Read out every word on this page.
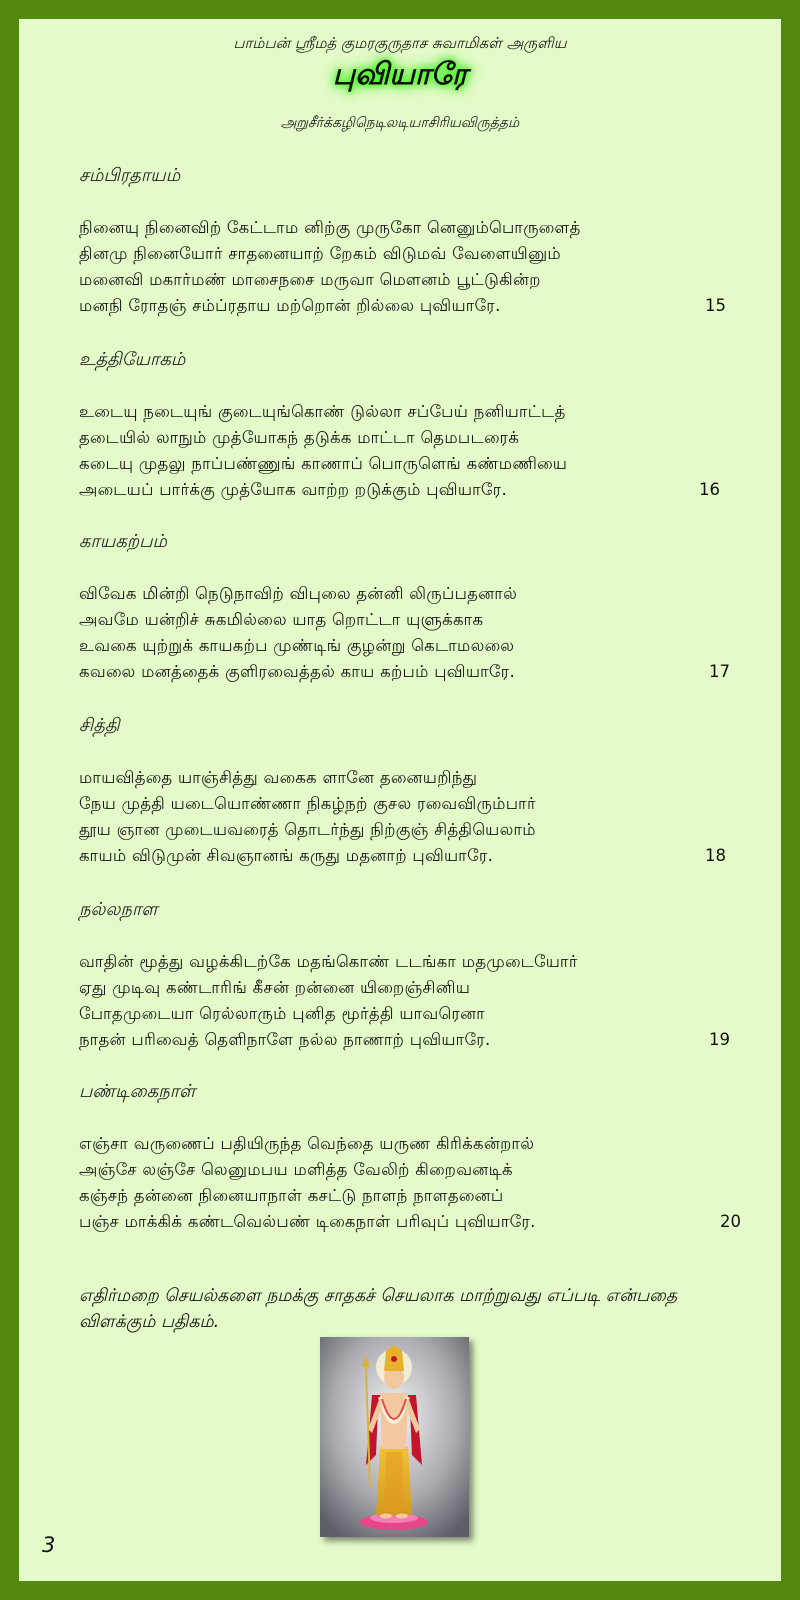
பாம்பன் ஸ்ரீமத் குமரகுருதாச சுவாமிகள் அருளிய
புவியாரே
அறுசீர்க்கழிநெடிலடியாசிரியவிருத்தம்
சம்பிரதாயம்
நினையு நினைவிற் கேட்டாம னிற்கு முருகோ னெனும்பொருளைத்
தினமு நினையோர் சாதனையாற் றேகம் விடுமவ் வேளையினும்
மனைவி மகார்மண் மாசைநசை மருவா மௌனம் பூட்டுகின்ற
மனநி ரோதஞ் சம்ப்ரதாய மற்றொன் றில்லை புவியாரே.	15
உத்தியோகம்
உடையு நடையுங் குடையுங்கொண் டுல்லா சப்பேய் நனியாட்டத்
தடையில் லாநும் முத்யோகந் தடுக்க மாட்டா தெமபடரைக்
கடையு முதலு நாப்பண்ணுங் காணாப் பொருளெங் கண்மணியை
அடையப் பார்க்கு முத்யோக வாற்ற றடுக்கும் புவியாரே.	16
காயகற்பம்
விவேக மின்றி நெடுநாவிற் விபுலை தன்னி லிருப்பதனால்
அவமே யன்றிச் சுகமில்லை யாத றொட்டா யுளுக்காக
உவகை யுற்றுக் காயகற்ப முண்டிங் குழன்று கெடாமலலை
கவலை மனத்தைக் குளிரவைத்தல் காய கற்பம் புவியாரே.	17
சித்தி
மாயவித்தை யாஞ்சித்து வகைக ளானே தனையறிந்து
நேய முத்தி யடையொண்ணா நிகழ்நற் குசல ரவைவிரும்பார்
தூய ஞான முடையவரைத் தொடர்ந்து நிற்குஞ் சித்தியெலாம்
காயம் விடுமுன் சிவஞானங் கருது மதனாற் புவியாரே.	18
நல்லநாள
வாதின் மூத்து வழக்கிடற்கே மதங்கொண் டடங்கா மதமுடையோர்
ஏது முடிவு கண்டாரிங் கீசன் றன்னை யிறைஞ்சினிய
போதமுடையா ரெல்லாரும் புனித மூர்த்தி யாவரெனா
நாதன் பரிவைத் தெளிநாளே நல்ல நாணாற் புவியாரே.	19
பண்டிகைநாள்
எஞ்சா வருணைப் பதியிருந்த வெந்தை யருண கிரிக்கன்றால்
அஞ்சே லஞ்சே லெனுமபய மளித்த வேலிற் கிறைவனடிக்
கஞ்சந் தன்னை நினையாநாள் கசட்டு நாளந் நாளதனைப்
பஞ்ச மாக்கிக் கண்டவெல்பண் டிகைநாள் பரிவுப் புவியாரே.	20
எதிர்மறை செயல்களை நமக்கு சாதகச் செயலாக மாற்றுவது எப்படி என்பதை விளக்கும் பதிகம்.
3
